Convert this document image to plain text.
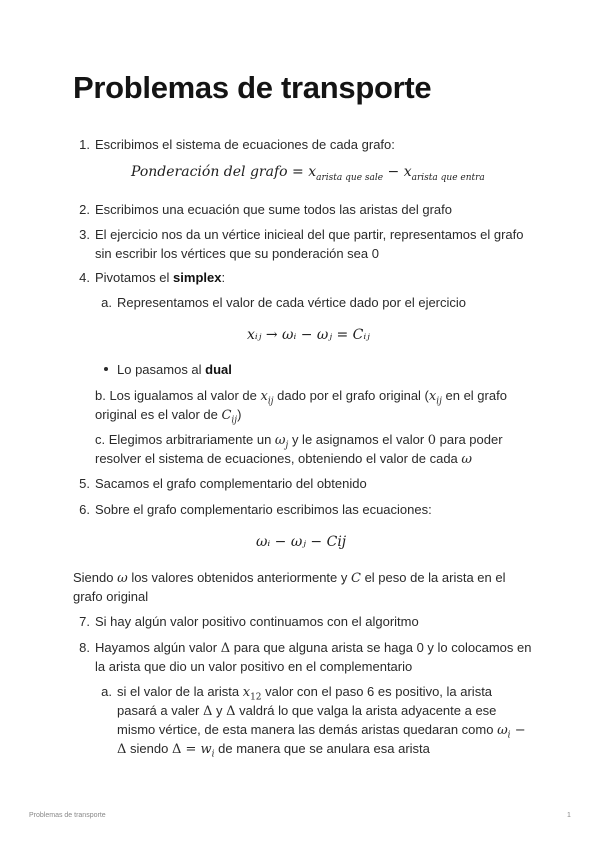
Problemas de transporte
1. Escribimos el sistema de ecuaciones de cada grafo:
Ponderación del grafo = $x_{arista que sale} - x_{arista que entra}$
2. Escribimos una ecuación que sume todos las aristas del grafo
3. El ejercicio nos da un vértice inicieal del que partir, representamos el grafo
sin escribir los vértices que su ponderación sea 0
4. Pivotamos el simplex:
a. Representamos el valor de cada vértice dado por el ejercicio
xᵢⱼ → ωᵢ − ωⱼ = Cᵢⱼ
Lo pasamos al dual
b. Los igualamos al valor de $x_{ij}$ dado por el grafo original ($x_{ij}$ en el grafo
original es el valor de $C_{ij}$)
c. Elegimos arbitrariamente un $\omega_j$ y le asignamos el valor 0 para poder
resolver el sistema de ecuaciones, obteniendo el valor de cada ω
5. Sacamos el grafo complementario del obtenido
6. Sobre el grafo complementario escribimos las ecuaciones:
ωᵢ − ωⱼ − Cij
Siendo ω los valores obtenidos anteriormente y C el peso de la arista en el
grafo original
7. Si hay algún valor positivo continuamos con el algoritmo
8. Hayamos algún valor Δ para que alguna arista se haga 0 y lo colocamos en
la arista que dio un valor positivo en el complementario
a. si el valor de la arista $x_{12}$ valor con el paso 6 es positivo, la arista
pasará a valer Δ y Δ valdrá lo que valga la arista adyacente a ese
mismo vértice, de esta manera las demás aristas quedaran como $\omega_i$ −
Δ siendo $\Delta = w_i$ de manera que se anulara esa arista
Problemas de transporte	1
